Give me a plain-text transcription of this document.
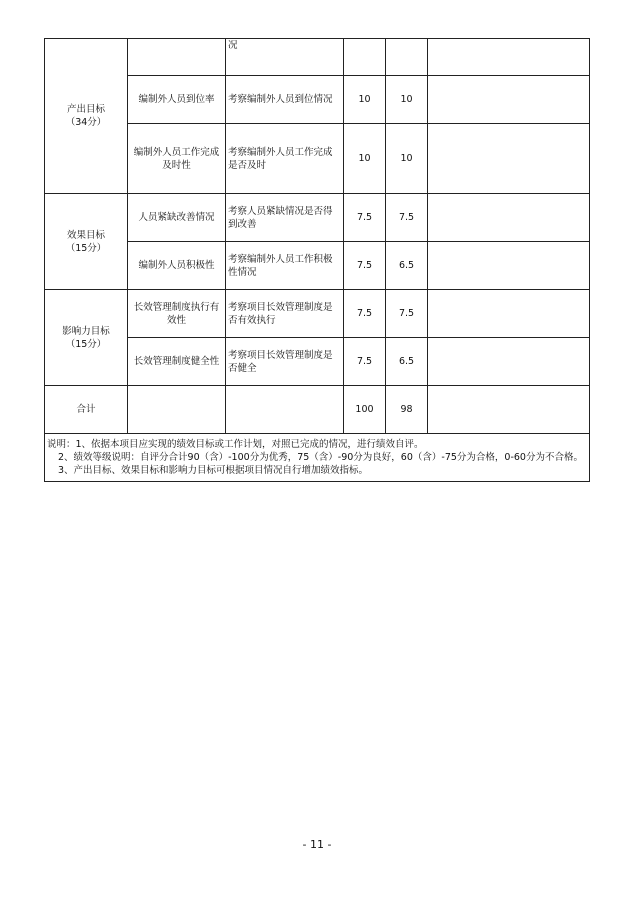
产出目标
（34分）		况			
	编制外人员到位率	考察编制外人员到位情况	10	10	
	编制外人员工作完成及时性	考察编制外人员工作完成是否及时	10	10	

效果目标
（15分）	人员紧缺改善情况	考察人员紧缺情况是否得到改善	7.5	7.5	
	编制外人员积极性	考察编制外人员工作积极性情况	7.5	6.5	

影响力目标
（15分）	长效管理制度执行有效性	考察项目长效管理制度是否有效执行	7.5	7.5	
	长效管理制度健全性	考察项目长效管理制度是否健全	7.5	6.5	
合计			100	98	

说明：1、依据本项目应实现的绩效目标或工作计划，对照已完成的情况，进行绩效自评。
2、绩效等级说明：自评分合计90（含）-100分为优秀，75（含）-90分为良好，60（含）-75分为合格，0-60分为不合格。
3、产出目标、效果目标和影响力目标可根据项目情况自行增加绩效指标。					
- 11 -
